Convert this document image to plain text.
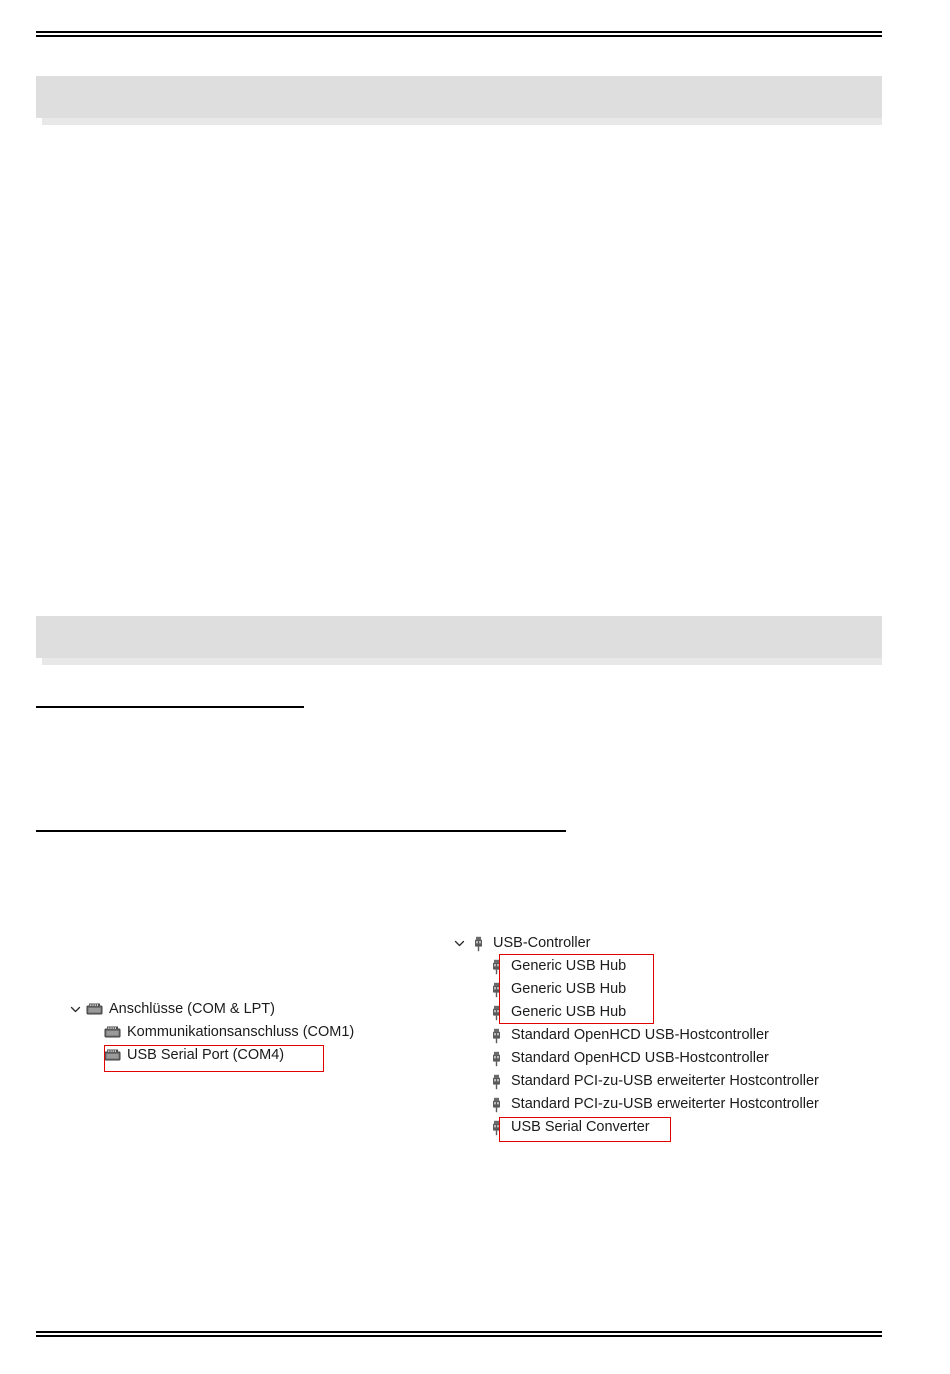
Anschlüsse (COM & LPT)
Kommunikationsanschluss (COM1)
USB Serial Port (COM4)
USB-Controller
Generic USB Hub
Generic USB Hub
Generic USB Hub
Standard OpenHCD USB-Hostcontroller
Standard OpenHCD USB-Hostcontroller
Standard PCI-zu-USB erweiterter Hostcontroller
Standard PCI-zu-USB erweiterter Hostcontroller
USB Serial Converter
